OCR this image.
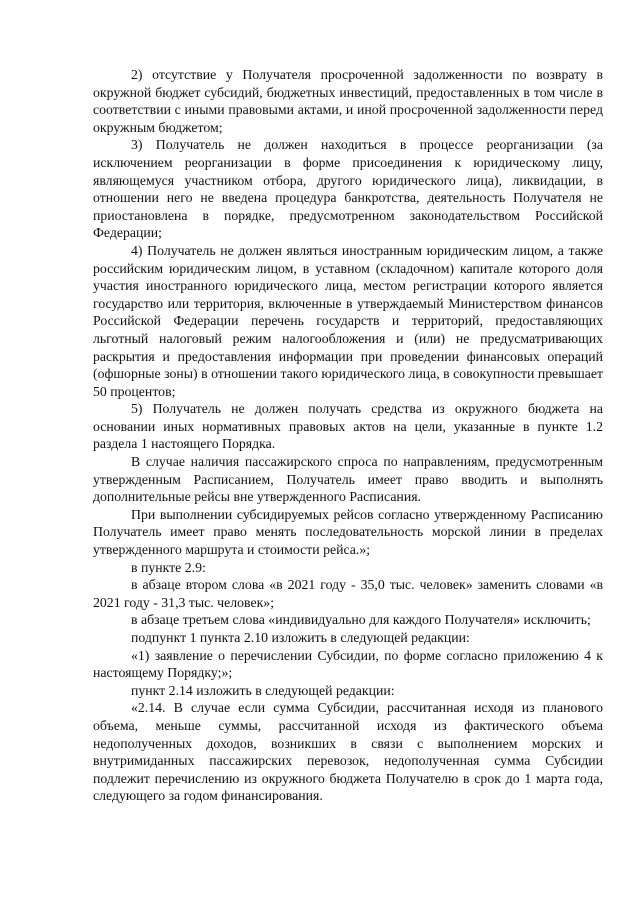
2) отсутствие у Получателя просроченной задолженности по возврату в окружной бюджет субсидий, бюджетных инвестиций, предоставленных в том числе в соответствии с иными правовыми актами, и иной просроченной задолженности перед окружным бюджетом;

3) Получатель не должен находиться в процессе реорганизации (за исключением реорганизации в форме присоединения к юридическому лицу, являющемуся участником отбора, другого юридического лица), ликвидации, в отношении него не введена процедура банкротства, деятельность Получателя не приостановлена в порядке, предусмотренном законодательством Российской Федерации;

4) Получатель не должен являться иностранным юридическим лицом, а также российским юридическим лицом, в уставном (складочном) капитале которого доля участия иностранного юридического лица, местом регистрации которого является государство или территория, включенные в утверждаемый Министерством финансов Российской Федерации перечень государств и территорий, предоставляющих льготный налоговый режим налогообложения и (или) не предусматривающих раскрытия и предоставления информации при проведении финансовых операций (офшорные зоны) в отношении такого юридического лица, в совокупности превышает 50 процентов;

5) Получатель не должен получать средства из окружного бюджета на основании иных нормативных правовых актов на цели, указанные в пункте 1.2 раздела 1 настоящего Порядка.

В случае наличия пассажирского спроса по направлениям, предусмотренным утвержденным Расписанием, Получатель имеет право вводить и выполнять дополнительные рейсы вне утвержденного Расписания.

При выполнении субсидируемых рейсов согласно утвержденному Расписанию Получатель имеет право менять последовательность морской линии в пределах утвержденного маршрута и стоимости рейса.»;

в пункте 2.9:

в абзаце втором слова «в 2021 году - 35,0 тыс. человек» заменить словами «в 2021 году - 31,3 тыс. человек»;

в абзаце третьем слова «индивидуально для каждого Получателя» исключить;

подпункт 1 пункта 2.10 изложить в следующей редакции:

«1) заявление о перечислении Субсидии, по форме согласно приложению 4 к настоящему Порядку;»;

пункт 2.14 изложить в следующей редакции:

«2.14. В случае если сумма Субсидии, рассчитанная исходя из планового объема, меньше суммы, рассчитанной исходя из фактического объема недополученных доходов, возникших в связи с выполнением морских и внутримиданных пассажирских перевозок, недополученная сумма Субсидии подлежит перечислению из окружного бюджета Получателю в срок до 1 марта года, следующего за годом финансирования.
